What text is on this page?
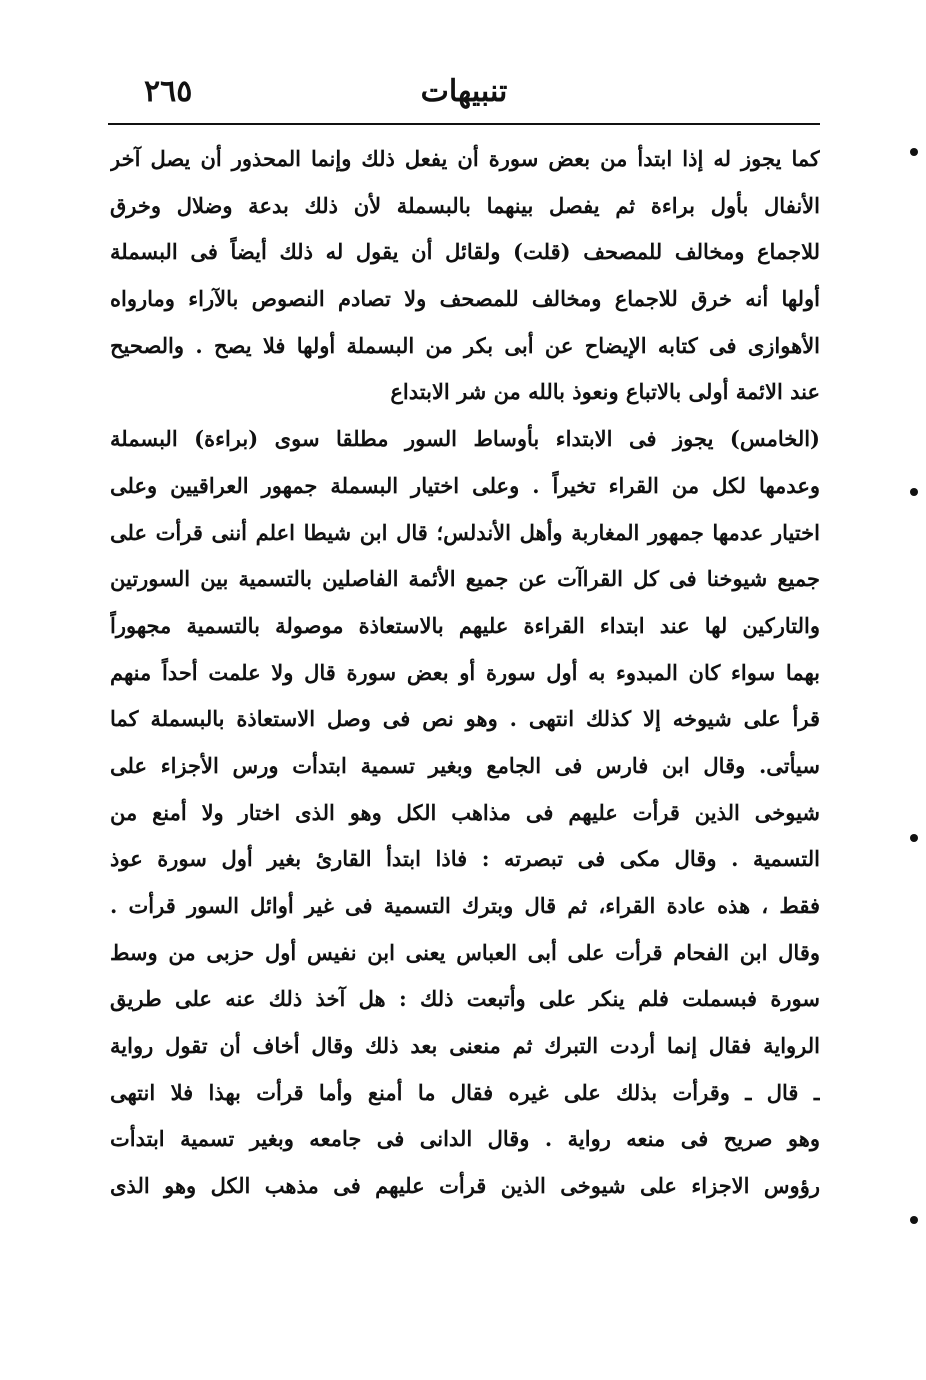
٢٦٥	تنبيهات
كما يجوز له إذا ابتدأ من بعض سورة أن يفعل ذلك وإنما المحذور أن يصل آخر
الأنفال بأول براءة ثم يفصل بينهما بالبسملة لأن ذلك بدعة وضلال وخرق
للاجماع ومخالف للمصحف (قلت) ولقائل أن يقول له ذلك أيضاً فى البسملة
أولها أنه خرق للاجماع ومخالف للمصحف ولا تصادم النصوص بالآراء ومارواه
الأهوازى فى كتابه الإيضاح عن أبى بكر من البسملة أولها فلا يصح . والصحيح
عند الائمة أولى بالاتباع ونعوذ بالله من شر الابتداع
(الخامس) يجوز فى الابتداء بأوساط السور مطلقا سوى (براءة) البسملة
وعدمها لكل من القراء تخيراً . وعلى اختيار البسملة جمهور العراقيين وعلى
اختيار عدمها جمهور المغاربة وأهل الأندلس؛ قال ابن شيطا اعلم أننى قرأت على
جميع شيوخنا فى كل القراآت عن جميع الأئمة الفاصلين بالتسمية بين السورتين
والتاركين لها عند ابتداء القراءة عليهم بالاستعاذة موصولة بالتسمية مجهوراً
بهما سواء كان المبدوء به أول سورة أو بعض سورة قال ولا علمت أحداً منهم
قرأ على شيوخه إلا كذلك انتهى . وهو نص فى وصل الاستعاذة بالبسملة كما
سيأتى. وقال ابن فارس فى الجامع وبغير تسمية ابتدأت ورس الأجزاء على
شيوخى الذين قرأت عليهم فى مذاهب الكل وهو الذى اختار ولا أمنع من
التسمية . وقال مكى فى تبصرته : فاذا ابتدأ القارئ بغير أول سورة عوذ
فقط ، هذه عادة القراء، ثم قال وبترك التسمية فى غير أوائل السور قرأت .
وقال ابن الفحام قرأت على أبى العباس يعنى ابن نفيس أول حزبى من وسط
سورة فبسملت فلم ينكر على وأتبعت ذلك : هل آخذ ذلك عنه على طريق
الرواية فقال إنما أردت التبرك ثم منعنى بعد ذلك وقال أخاف أن تقول رواية
ـ قال ـ وقرأت بذلك على غيره فقال ما أمنع وأما قرأت بهذا فلا انتهى
وهو صريح فى منعه رواية . وقال الدانى فى جامعه وبغير تسمية ابتدأت
رؤوس الاجزاء على شيوخى الذين قرأت عليهم فى مذهب الكل وهو الذى
